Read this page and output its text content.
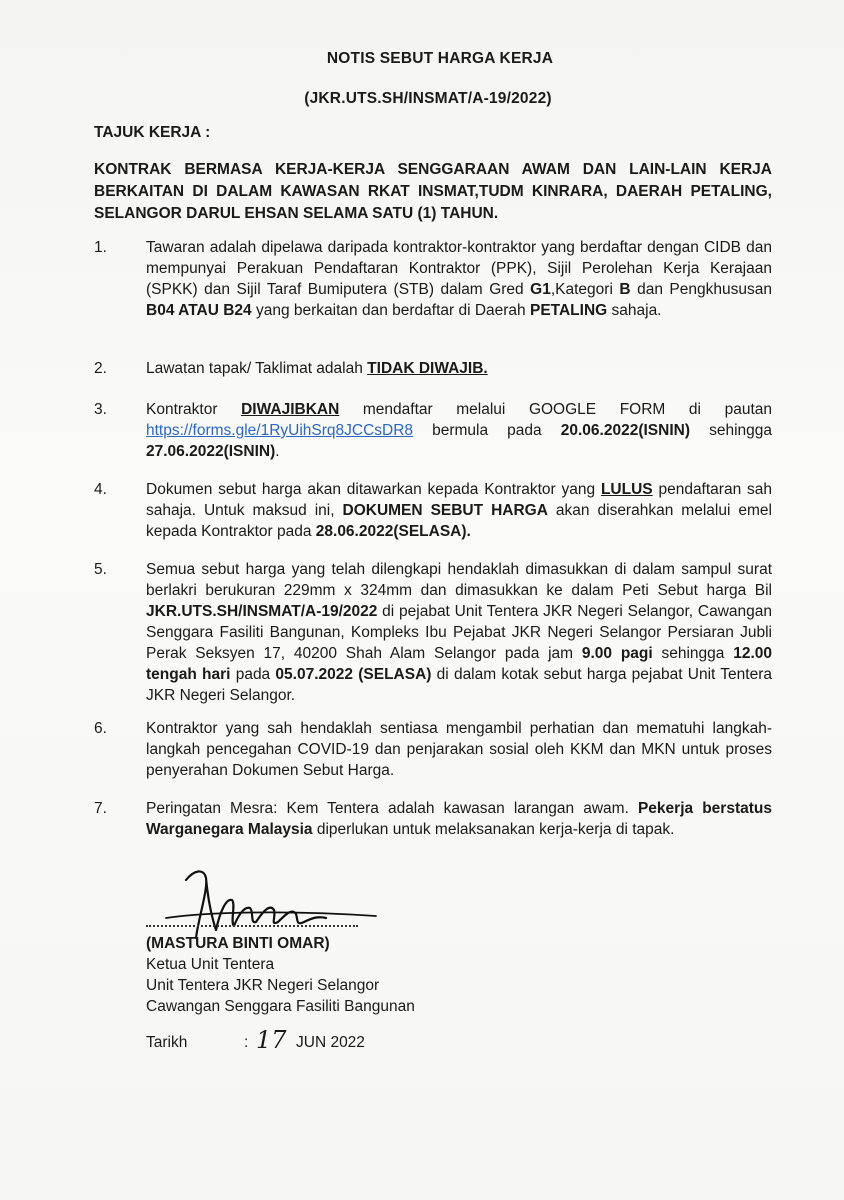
NOTIS SEBUT HARGA KERJA
(JKR.UTS.SH/INSMAT/A-19/2022)
TAJUK KERJA :
KONTRAK BERMASA KERJA-KERJA SENGGARAAN AWAM DAN LAIN-LAIN KERJA BERKAITAN DI DALAM KAWASAN RKAT INSMAT,TUDM KINRARA, DAERAH PETALING, SELANGOR DARUL EHSAN SELAMA SATU (1) TAHUN.
1.	Tawaran adalah dipelawa daripada kontraktor-kontraktor yang berdaftar dengan CIDB dan mempunyai Perakuan Pendaftaran Kontraktor (PPK), Sijil Perolehan Kerja Kerajaan (SPKK) dan Sijil Taraf Bumiputera (STB) dalam Gred G1,Kategori B dan Pengkhususan B04 ATAU B24 yang berkaitan dan berdaftar di Daerah PETALING sahaja.
2.	Lawatan tapak/ Taklimat adalah TIDAK DIWAJIB.
3.	Kontraktor DIWAJIBKAN mendaftar melalui GOOGLE FORM di pautan https://forms.gle/1RyUihSrq8JCCsDR8 bermula pada 20.06.2022(ISNIN) sehingga 27.06.2022(ISNIN).
4.	Dokumen sebut harga akan ditawarkan kepada Kontraktor yang LULUS pendaftaran sah sahaja. Untuk maksud ini, DOKUMEN SEBUT HARGA akan diserahkan melalui emel kepada Kontraktor pada 28.06.2022(SELASA).
5.	Semua sebut harga yang telah dilengkapi hendaklah dimasukkan di dalam sampul surat berlakri berukuran 229mm x 324mm dan dimasukkan ke dalam Peti Sebut harga Bil JKR.UTS.SH/INSMAT/A-19/2022 di pejabat Unit Tentera JKR Negeri Selangor, Cawangan Senggara Fasiliti Bangunan, Kompleks Ibu Pejabat JKR Negeri Selangor Persiaran Jubli Perak Seksyen 17, 40200 Shah Alam Selangor pada jam 9.00 pagi sehingga 12.00 tengah hari pada 05.07.2022 (SELASA) di dalam kotak sebut harga pejabat Unit Tentera JKR Negeri Selangor.
6.	Kontraktor yang sah hendaklah sentiasa mengambil perhatian dan mematuhi langkah-langkah pencegahan COVID-19 dan penjarakan sosial oleh KKM dan MKN untuk proses penyerahan Dokumen Sebut Harga.
7.	Peringatan Mesra: Kem Tentera adalah kawasan larangan awam. Pekerja berstatus Warganegara Malaysia diperlukan untuk melaksanakan kerja-kerja di tapak.
(MASTURA BINTI OMAR)
Ketua Unit Tentera
Unit Tentera JKR Negeri Selangor
Cawangan Senggara Fasiliti Bangunan
Tarikh	: 17 JUN 2022
